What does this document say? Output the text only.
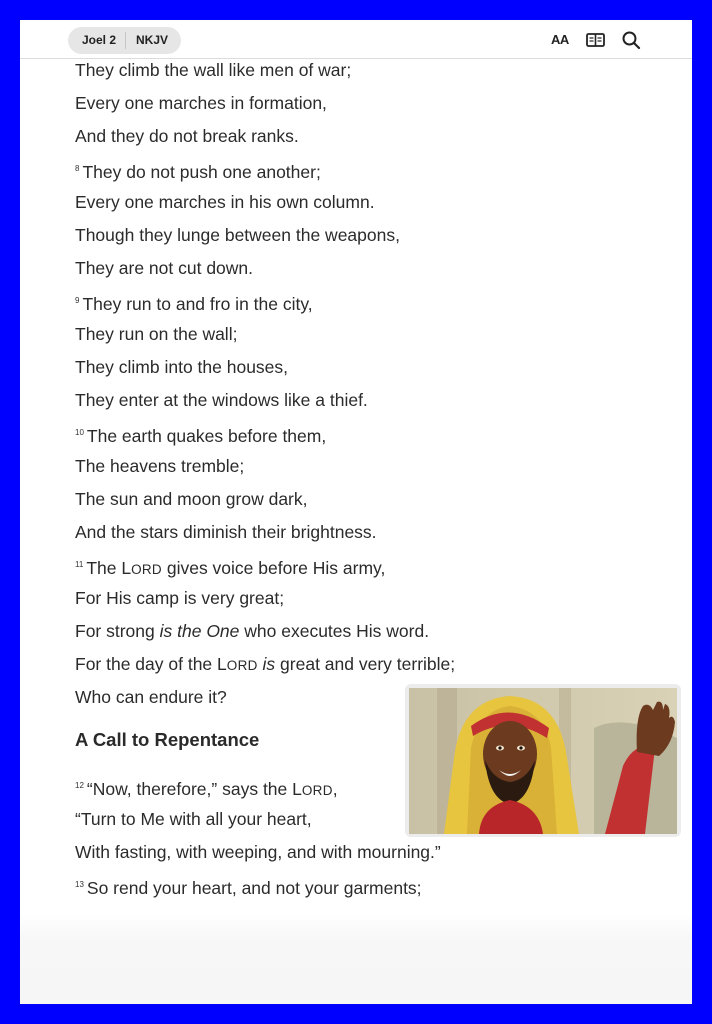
Joel 2 NKJV	AA
They climb the wall like men of war;
Every one marches in formation,
And they do not break ranks.
$^8$ They do not push one another;
Every one marches in his own column.
Though they lunge between the weapons,
They are not cut down.
$^9$ They run to and fro in the city,
They run on the wall;
They climb into the houses,
They enter at the windows like a thief.
$^{10}$ The earth quakes before them,
The heavens tremble;
The sun and moon grow dark,
And the stars diminish their brightness.
$^{11}$ The LORD gives voice before His army,
For His camp is very great;
For strong is the One who executes His word.
For the day of the LORD is great and very terrible;
Who can endure it?
A Call to Repentance
$^{12}$ “Now, therefore,” says the LORD,
“Turn to Me with all your heart,
With fasting, with weeping, and with mourning.”
$^{13}$ So rend your heart, and not your garments;
